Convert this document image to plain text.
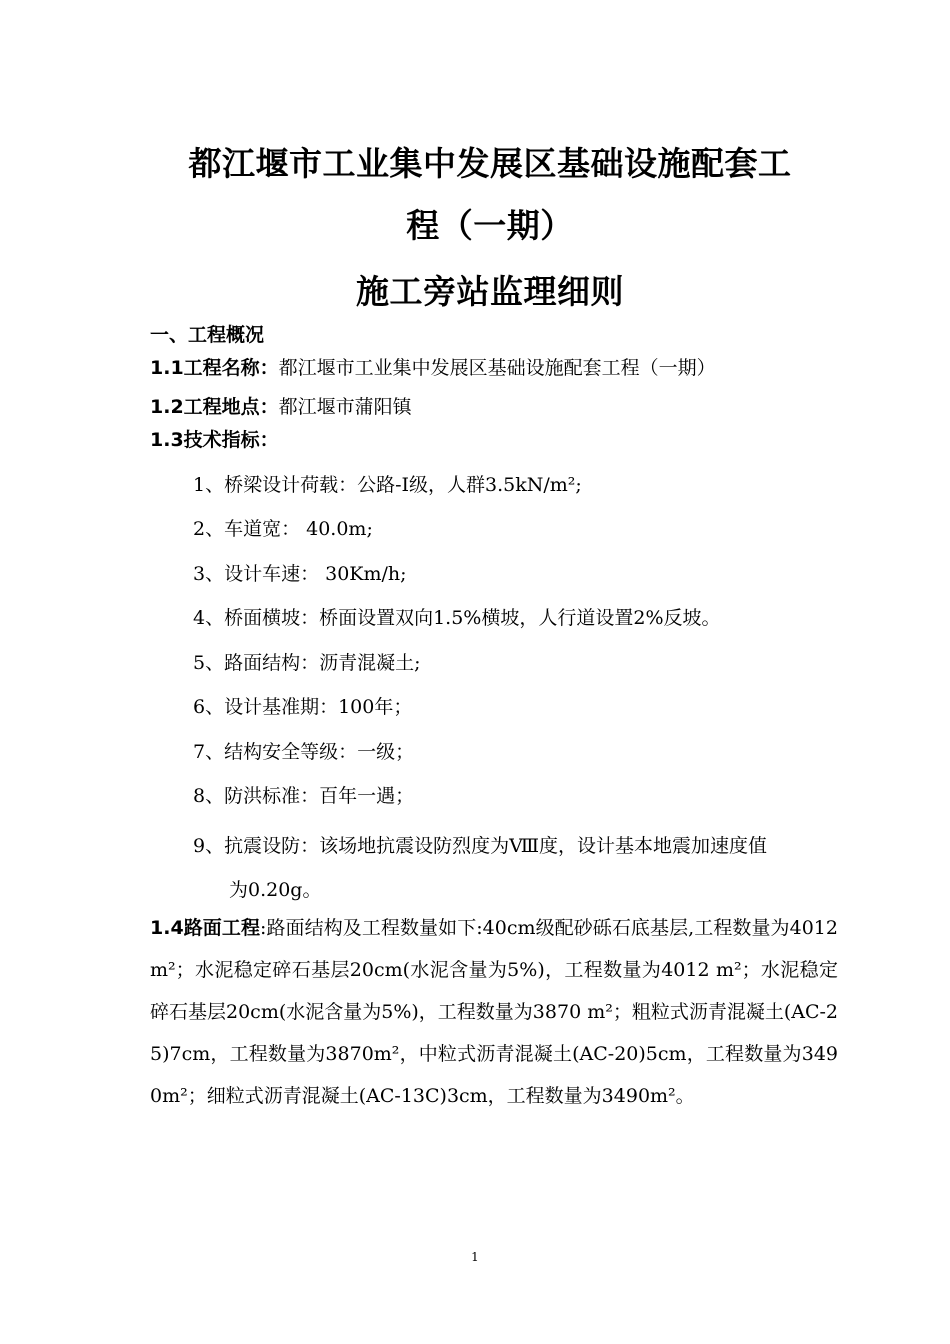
都江堰市工业集中发展区基础设施配套工
程（一期）
施工旁站监理细则
一、工程概况
1.1工程名称：都江堰市工业集中发展区基础设施配套工程（一期）
1.2工程地点：都江堰市蒲阳镇
1.3技术指标：
1、桥梁设计荷载：公路-Ⅰ级，人群3.5kN/m²;
2、车道宽： 40.0m;
3、设计车速： 30Km/h;
4、桥面横坡：桥面设置双向1.5%横坡，人行道设置2%反坡。
5、路面结构：沥青混凝土;
6、设计基准期：100年；
7、结构安全等级：一级；
8、防洪标准：百年一遇；
9、抗震设防：该场地抗震设防烈度为Ⅷ度，设计基本地震加速度值
为0.20g。
1.4路面工程:路面结构及工程数量如下:40cm级配砂砾石底基层,工程数量为4012m²；水泥稳定碎石基层20cm(水泥含量为5%)，工程数量为4012 m²；水泥稳定碎石基层20cm(水泥含量为5%)，工程数量为3870 m²；粗粒式沥青混凝土(AC-25)7cm，工程数量为3870m²，中粒式沥青混凝土(AC-20)5cm，工程数量为3490m²；细粒式沥青混凝土(AC-13C)3cm，工程数量为3490m²。
1
